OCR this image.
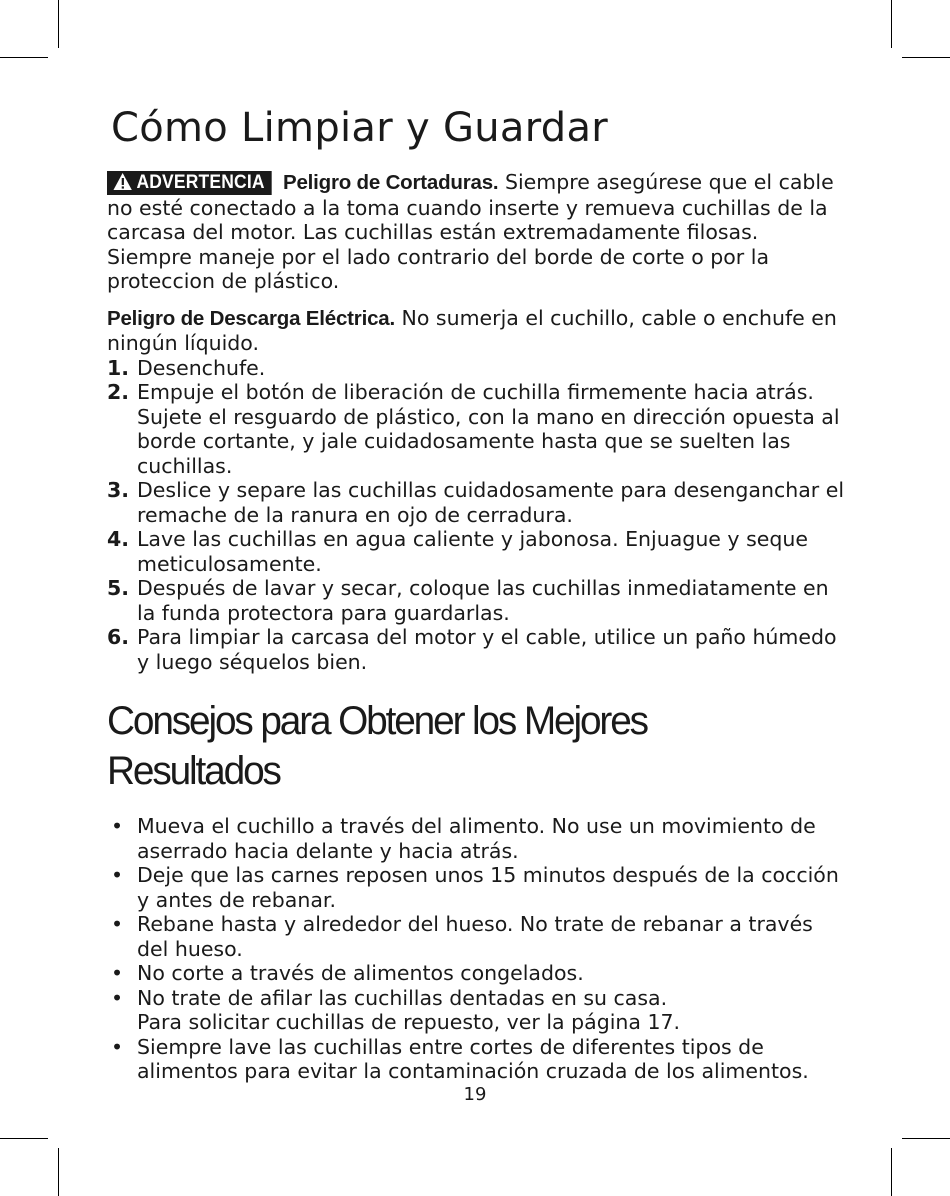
Cómo Limpiar y Guardar

ADVERTENCIA Peligro de Cortaduras. Siempre asegúrese que el cable no esté conectado a la toma cuando inserte y remueva cuchillas de la carcasa del motor. Las cuchillas están extremadamente filosas. Siempre maneje por el lado contrario del borde de corte o por la proteccion de plástico.

Peligro de Descarga Eléctrica. No sumerja el cuchillo, cable o enchufe en ningún líquido.

1. Desenchufe.
2. Empuje el botón de liberación de cuchilla firmemente hacia atrás. Sujete el resguardo de plástico, con la mano en dirección opuesta al borde cortante, y jale cuidadosamente hasta que se suelten las cuchillas.
3. Deslice y separe las cuchillas cuidadosamente para desenganchar el remache de la ranura en ojo de cerradura.
4. Lave las cuchillas en agua caliente y jabonosa. Enjuague y seque meticulosamente.
5. Después de lavar y secar, coloque las cuchillas inmediatamente en la funda protectora para guardarlas.
6. Para limpiar la carcasa del motor y el cable, utilice un paño húmedo y luego séquelos bien.
Consejos para Obtener los Mejores Resultados
• Mueva el cuchillo a través del alimento. No use un movimiento de aserrado hacia delante y hacia atrás.
• Deje que las carnes reposen unos 15 minutos después de la cocción y antes de rebanar.
• Rebane hasta y alrededor del hueso. No trate de rebanar a través del hueso.
• No corte a través de alimentos congelados.
• No trate de afilar las cuchillas dentadas en su casa.
Para solicitar cuchillas de repuesto, ver la página 17.
• Siempre lave las cuchillas entre cortes de diferentes tipos de alimentos para evitar la contaminación cruzada de los alimentos.
19
